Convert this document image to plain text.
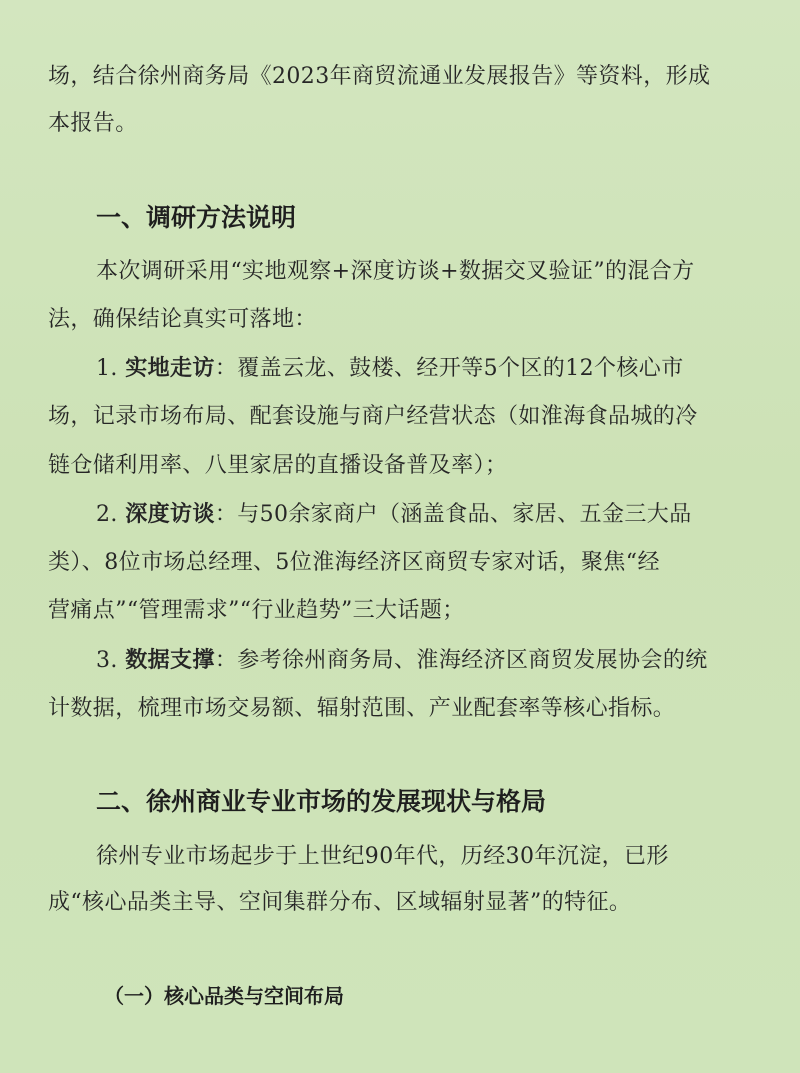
场，结合徐州商务局《2023年商贸流通业发展报告》等资料，形成
本报告。
一、调研方法说明
本次调研采用“实地观察+深度访谈+数据交叉验证”的混合方
法，确保结论真实可落地：
1. 实地走访：覆盖云龙、鼓楼、经开等5个区的12个核心市
场，记录市场布局、配套设施与商户经营状态（如淮海食品城的冷
链仓储利用率、八里家居的直播设备普及率）；
2. 深度访谈：与50余家商户（涵盖食品、家居、五金三大品
类）、8位市场总经理、5位淮海经济区商贸专家对话，聚焦“经
营痛点”“管理需求”“行业趋势”三大话题；
3. 数据支撑：参考徐州商务局、淮海经济区商贸发展协会的统
计数据，梳理市场交易额、辐射范围、产业配套率等核心指标。
二、徐州商业专业市场的发展现状与格局
徐州专业市场起步于上世纪90年代，历经30年沉淀，已形
成“核心品类主导、空间集群分布、区域辐射显著”的特征。
（一）核心品类与空间布局
